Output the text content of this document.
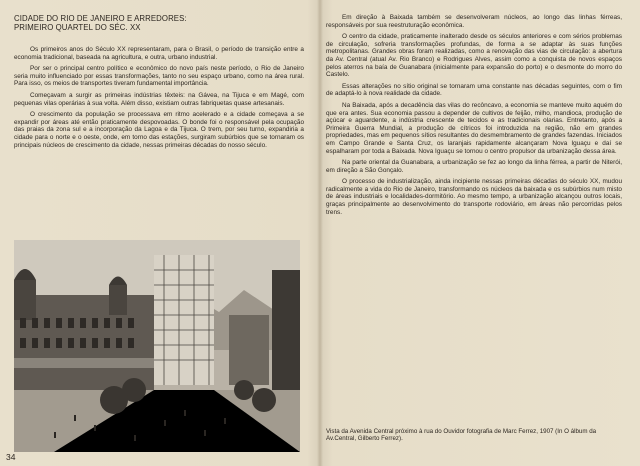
CIDADE DO RIO DE JANEIRO E ARREDORES:
PRIMEIRO QUARTEL DO SÉC. XX

Os primeiros anos do Século XX representaram, para o Brasil, o período de transição entre a economia tradicional, baseada na agricultura, e outra, urbano industrial.

Por ser o principal centro político e econômico do novo país neste período, o Rio de Janeiro seria muito influenciado por essas transformações, tanto no seu espaço urbano, como na área rural. Para isso, os meios de transportes tiveram fundamental importância.

Começavam a surgir as primeiras indústrias têxteis: na Gávea, na Tijuca e em Magé, com pequenas vilas operárias à sua volta. Além disso, existiam outras fabriquetas quase artesanais.

O crescimento da população se processava em ritmo acelerado e a cidade começava a se expandir por áreas até então praticamente despovoadas. O bonde foi o responsável pela ocupação das praias da zona sul e a incorporação da Lagoa e da Tijuca. O trem, por seu turno, expandiria a cidade para o norte e o oeste, onde, em torno das estações, surgiram subúrbios que se tornaram os principais núcleos de crescimento da cidade, nessas primeiras décadas do nosso século.

Em direção à Baixada também se desenvolveram núcleos, ao longo das linhas férreas, responsáveis por sua reestruturação econômica.

O centro da cidade, praticamente inalterado desde os séculos anteriores e com sérios problemas de circulação, sofreria transformações profundas, de forma a se adaptar às suas funções metropolitanas. Grandes obras foram realizadas, como a renovação das vias de circulação: a abertura da Av. Central (atual Av. Rio Branco) e Rodrigues Alves, assim como a conquista de novos espaços pelos aterros na baía de Guanabara (inicialmente para expansão do porto) e o desmonte do morro do Castelo.

Essas alterações no sítio original se tornaram uma constante nas décadas seguintes, com o fim de adaptá-lo à nova realidade da cidade.

Na Baixada, após a decadência das vilas do recôncavo, a economia se manteve muito aquém do que era antes. Sua economia passou a depender de cultivos de feijão, milho, mandioca, produção de açúcar e aguardente, a indústria crescente de tecidos e as tradicionais olarias. Entretanto, após a Primeira Guerra Mundial, a produção de cítricos foi introduzida na região, não em grandes propriedades, mas em pequenos sítios resultantes do desmembramento de grandes fazendas. Iniciados em Campo Grande e Santa Cruz, os laranjais rapidamente alcançaram Nova Iguaçu e daí se espalharam por toda a Baixada. Nova Iguaçu se tornou o centro propulsor da urbanização dessa área.

Na parte oriental da Guanabara, a urbanização se fez ao longo da linha férrea, a partir de Niterói, em direção a São Gonçalo.

O processo de industrialização, ainda incipiente nessas primeiras décadas do século XX, mudou radicalmente a vida do Rio de Janeiro, transformando os núcleos da baixada e os subúrbios num misto de áreas industriais e localidades-dormitório. Ao mesmo tempo, a urbanização alcançou outros locais, graças principalmente ao desenvolvimento do transporte rodoviário, em áreas não percorridas pelos trens.

Vista da Avenida Central próximo à rua do Ouvidor fotografia de Marc Ferrez, 1907 (In O álbum da Av.Central, Gilberto Ferrez).
34
